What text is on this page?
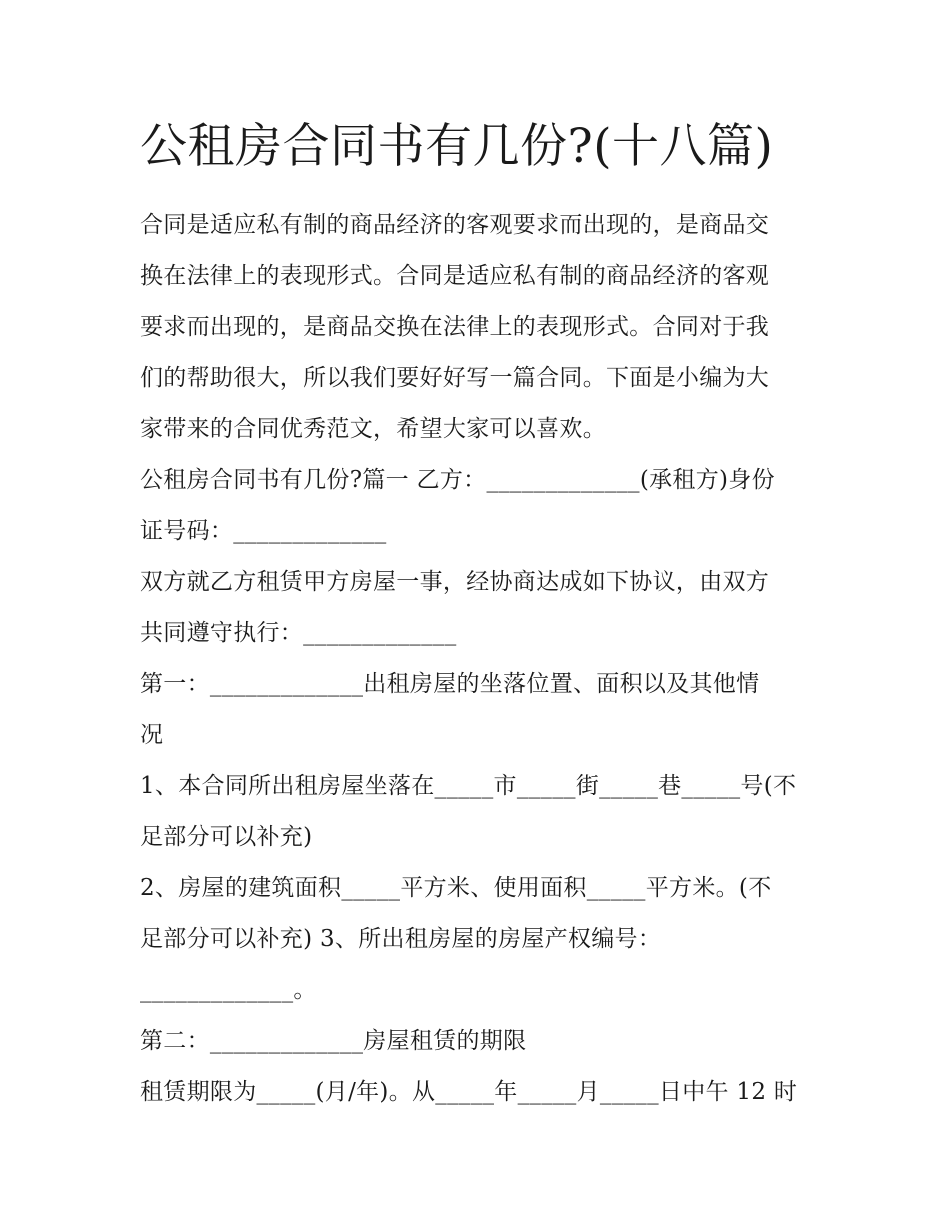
公租房合同书有几份?(十八篇)
合同是适应私有制的商品经济的客观要求而出现的，是商品交
换在法律上的表现形式。合同是适应私有制的商品经济的客观
要求而出现的，是商品交换在法律上的表现形式。合同对于我
们的帮助很大，所以我们要好好写一篇合同。下面是小编为大
家带来的合同优秀范文，希望大家可以喜欢。
公租房合同书有几份?篇一 乙方：_____________(承租方)身份
证号码：_____________
双方就乙方租赁甲方房屋一事，经协商达成如下协议，由双方
共同遵守执行：_____________
第一：_____________出租房屋的坐落位置、面积以及其他情
况
1、本合同所出租房屋坐落在_____市_____街_____巷_____号(不
足部分可以补充)
2、房屋的建筑面积_____平方米、使用面积_____平方米。(不
足部分可以补充) 3、所出租房屋的房屋产权编号：
_____________。
第二：_____________房屋租赁的期限
租赁期限为_____(月/年)。从_____年_____月_____日中午 12 时
